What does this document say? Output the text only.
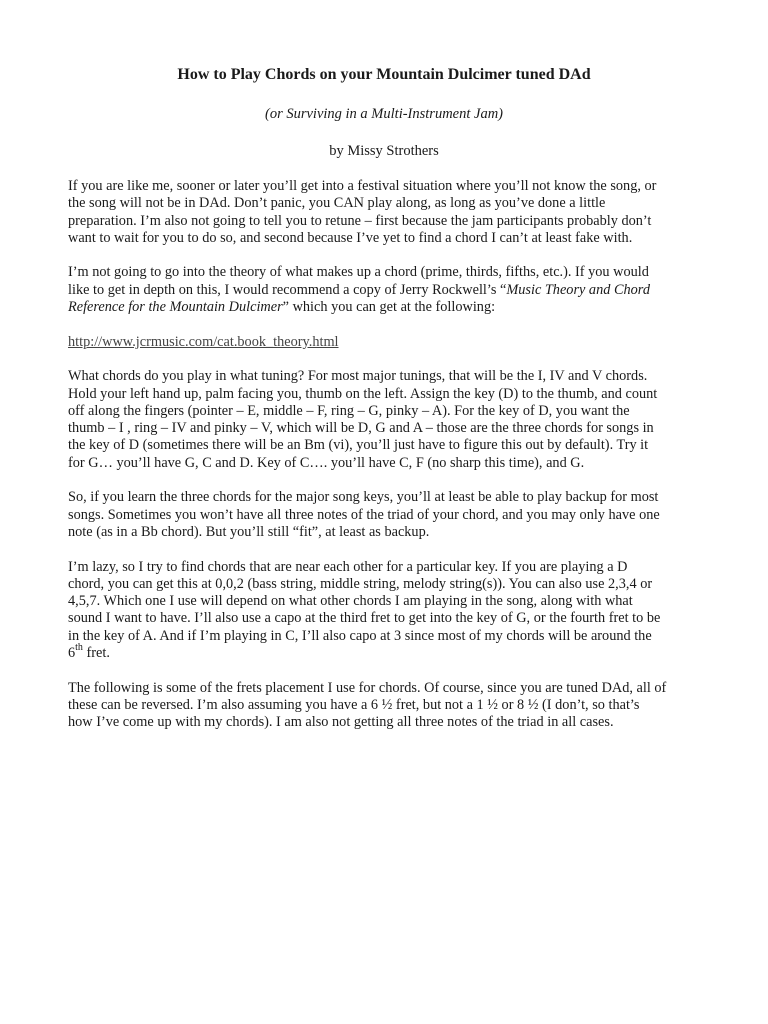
How to Play Chords on your Mountain Dulcimer tuned DAd
(or Surviving in a Multi-Instrument Jam)
by Missy Strothers

If you are like me, sooner or later you’ll get into a festival situation where you’ll not know the song, or
the song will not be in DAd. Don’t panic, you CAN play along, as long as you’ve done a little
preparation. I’m also not going to tell you to retune – first because the jam participants probably don’t
want to wait for you to do so, and second because I’ve yet to find a chord I can’t at least fake with.

I’m not going to go into the theory of what makes up a chord (prime, thirds, fifths, etc.). If you would
like to get in depth on this, I would recommend a copy of Jerry Rockwell’s “Music Theory and Chord
Reference for the Mountain Dulcimer” which you can get at the following:

http://www.jcrmusic.com/cat.book_theory.html

What chords do you play in what tuning? For most major tunings, that will be the I, IV and V chords.
Hold your left hand up, palm facing you, thumb on the left. Assign the key (D) to the thumb, and count
off along the fingers (pointer – E, middle – F, ring – G, pinky – A). For the key of D, you want the
thumb – I , ring – IV and pinky – V, which will be D, G and A – those are the three chords for songs in
the key of D (sometimes there will be an Bm (vi), you’ll just have to figure this out by default). Try it
for G… you’ll have G, C and D. Key of C…. you’ll have C, F (no sharp this time), and G.

So, if you learn the three chords for the major song keys, you’ll at least be able to play backup for most
songs. Sometimes you won’t have all three notes of the triad of your chord, and you may only have one
note (as in a Bb chord). But you’ll still “fit”, at least as backup.

I’m lazy, so I try to find chords that are near each other for a particular key. If you are playing a D
chord, you can get this at 0,0,2 (bass string, middle string, melody string(s)). You can also use 2,3,4 or
4,5,7. Which one I use will depend on what other chords I am playing in the song, along with what
sound I want to have. I’ll also use a capo at the third fret to get into the key of G, or the fourth fret to be
in the key of A. And if I’m playing in C, I’ll also capo at 3 since most of my chords will be around the
6th fret.

The following is some of the frets placement I use for chords. Of course, since you are tuned DAd, all of
these can be reversed. I’m also assuming you have a 6 ½ fret, but not a 1 ½ or 8 ½ (I don’t, so that’s
how I’ve come up with my chords). I am also not getting all three notes of the triad in all cases.
